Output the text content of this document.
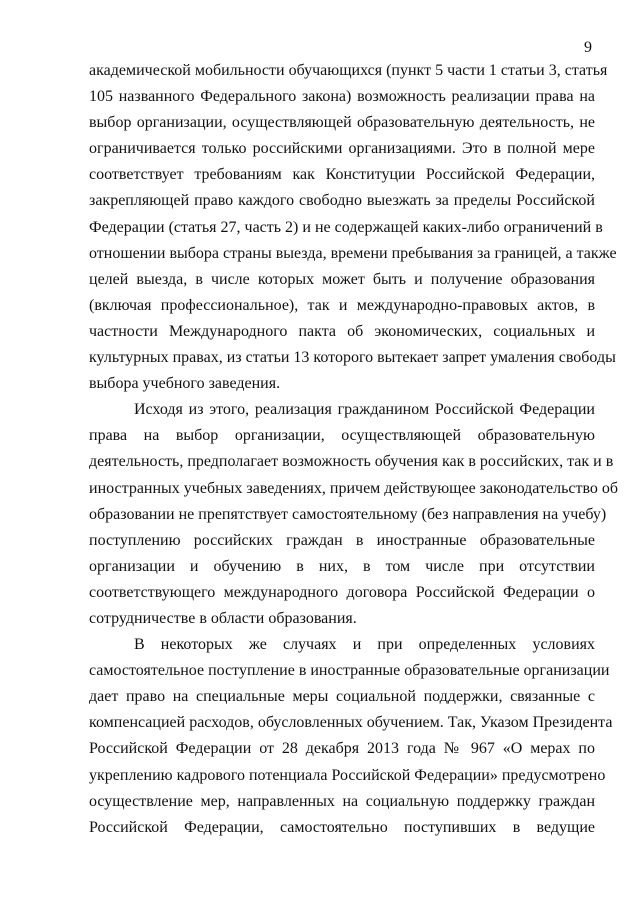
9

академической мобильности обучающихся (пункт 5 части 1 статьи 3, статья
105 названного Федерального закона) возможность реализации права на
выбор организации, осуществляющей образовательную деятельность, не
ограничивается только российскими организациями. Это в полной мере
соответствует требованиям как Конституции Российской Федерации,
закрепляющей право каждого свободно выезжать за пределы Российской
Федерации (статья 27, часть 2) и не содержащей каких-либо ограничений в
отношении выбора страны выезда, времени пребывания за границей, а также
целей выезда, в числе которых может быть и получение образования
(включая профессиональное), так и международно-правовых актов, в
частности Международного пакта об экономических, социальных и
культурных правах, из статьи 13 которого вытекает запрет умаления свободы
выбора учебного заведения.

Исходя из этого, реализация гражданином Российской Федерации
права на выбор организации, осуществляющей образовательную
деятельность, предполагает возможность обучения как в российских, так и в
иностранных учебных заведениях, причем действующее законодательство об
образовании не препятствует самостоятельному (без направления на учебу)
поступлению российских граждан в иностранные образовательные
организации и обучению в них, в том числе при отсутствии
соответствующего международного договора Российской Федерации о
сотрудничестве в области образования.

В некоторых же случаях и при определенных условиях
самостоятельное поступление в иностранные образовательные организации
дает право на специальные меры социальной поддержки, связанные с
компенсацией расходов, обусловленных обучением. Так, Указом Президента
Российской Федерации от 28 декабря 2013 года № 967 «О мерах по
укреплению кадрового потенциала Российской Федерации» предусмотрено
осуществление мер, направленных на социальную поддержку граждан
Российской Федерации, самостоятельно поступивших в ведущие
